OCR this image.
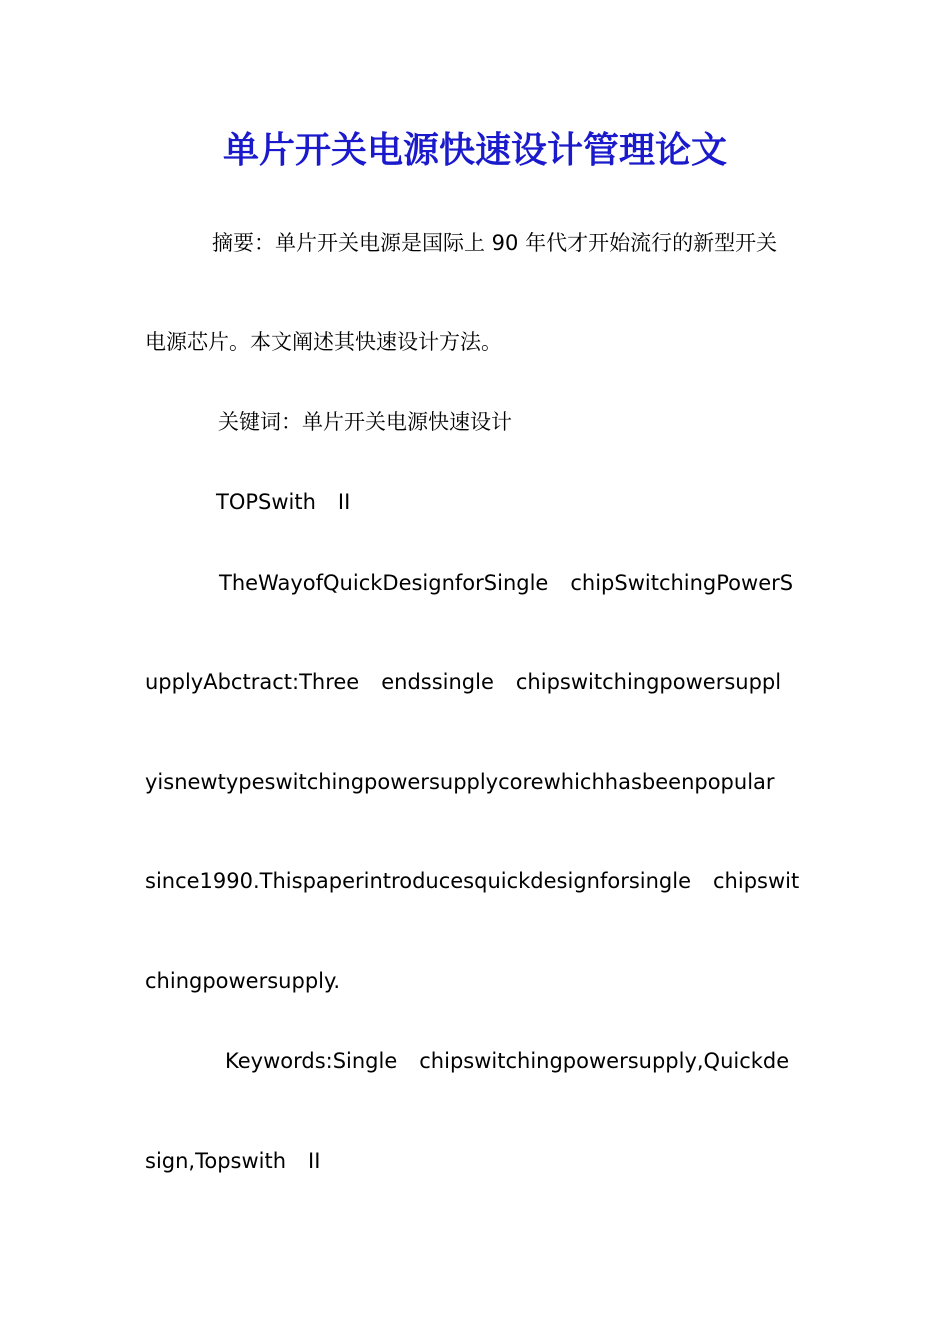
单片开关电源快速设计管理论文

摘要：单片开关电源是国际上 90 年代才开始流行的新型开关

电源芯片。本文阐述其快速设计方法。

关键词：单片开关电源快速设计

TOPSwith II

TheWayofQuickDesignforSingle chipSwitchingPowerS

upplyAbctract:Three endssingle chipswitchingpowersuppl

yisnewtypeswitchingpowersupplycorewhichhasbeenpopular

since1990.Thispaperintroducesquickdesignforsingle chipswit

chingpowersupply.

Keywords:Single chipswitchingpowersupply,Quickde

sign,Topswith II
